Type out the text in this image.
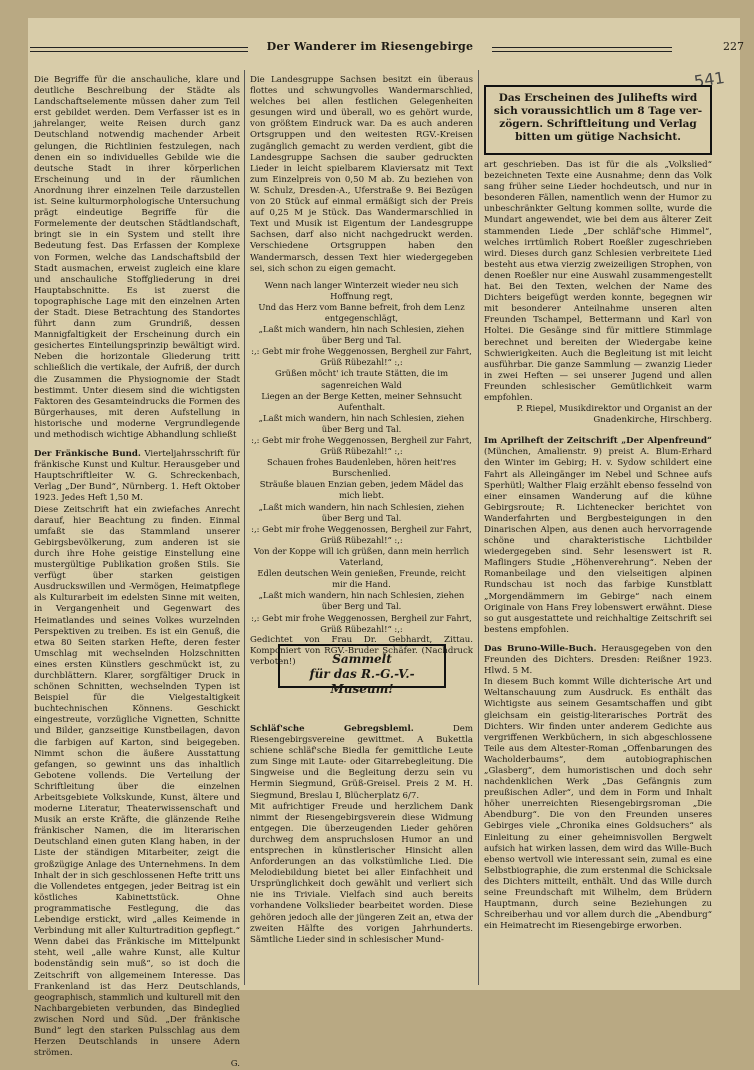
Der Wanderer im Riesengebirge	227
541

Die Begriffe für die anschauliche, klare und deutliche Beschreibung der Städte als Landschaftselemente müssen daher zum Teil erst gebildet werden. Dem Verfasser ist es in jahrelanger, weite Reisen durch ganz Deutschland notwendig machender Arbeit gelungen, die Richtlinien festzulegen, nach denen ein so individuelles Gebilde wie die deutsche Stadt in ihrer körperlichen Erscheinung und in der räumlichen Anordnung ihrer einzelnen Teile darzustellen ist. Seine kulturmorphologische Untersuchung prägt eindeutige Begriffe für die Formelemente der deutschen Städtlandschaft, bringt sie in ein System und stellt ihre Bedeutung fest. Das Erfassen der Komplexe von Formen, welche das Landschaftsbild der Stadt ausmachen, erweist zugleich eine klare und anschauliche Stoffgliederung in drei Hauptabschnitte. Es ist zuerst die topographische Lage mit den einzelnen Arten der Stadt. Diese Betrachtung des Standortes führt dann zum Grundriß, dessen Mannigfaltigkeit der Erscheinung durch ein gesichertes Einteilungsprinzip bewältigt wird. Neben die horizontale Gliederung tritt schließlich die vertikale, der Aufriß, der durch die Zusammen die Physiognomie der Stadt bestimmt. Unter diesem sind die wichtigsten Faktoren des Gesamteindrucks die Formen des Bürgerhauses, mit deren Aufstellung in historische und moderne Vergrundlegende und methodisch wichtige Abhandlung schließt

Der Fränkische Bund. Vierteljahrsschrift für fränkische Kunst und Kultur. Herausgeber und Hauptschriftleiter W. G. Schreckenbach, Verlag „Der Bund“, Nürnberg. 1. Heft Oktober 1923. Jedes Heft 1,50 M.

Diese Zeitschrift hat ein zwiefaches Anrecht darauf, hier Beachtung zu finden. Einmal umfaßt sie das Stammland unserer Gebirgsbevölkerung, zum anderen ist sie durch ihre Hohe geistige Einstellung eine mustergültige Publikation großen Stils. Sie verfügt über starken geistigen Ausdruckswillen und -Vermögen, Heimatpflege als Kulturarbeit im edelsten Sinne mit weiten, in Vergangenheit und Gegenwart des Heimatlandes und seines Volkes wurzelnden Perspektiven zu treiben. Es ist ein Genuß, die etwa 80 Seiten starken Hefte, deren fester Umschlag mit wechselnden Holzschnitten eines ersten Künstlers geschmückt ist, zu durchblättern. Klarer, sorgfältiger Druck in schönen Schnitten, wechselnden Typen ist Beispiel für die Vielgestaltigkeit buchtechnischen Könnens. Geschickt eingestreute, vorzügliche Vignetten, Schnitte und Bilder, ganzseitige Kunstbeilagen, davon die farbigen auf Karton, sind beigegeben. Nimmt schon die äußere Ausstattung gefangen, so gewinnt uns das inhaltlich Gebotene vollends. Die Verteilung der Schriftleitung über die einzelnen Arbeitsgebiete Volkskunde, Kunst, ältere und moderne Literatur, Theaterwissenschaft und Musik an erste Kräfte, die glänzende Reihe fränkischer Namen, die im literarischen Deutschland einen guten Klang haben, in der Liste der ständigen Mitarbeiter, zeigt die großzügige Anlage des Unternehmens. In dem Inhalt der in sich geschlossenen Hefte tritt uns die Vollendetes entgegen, jeder Beitrag ist ein köstliches Kabinettstück. Ohne programmatische Festlegung, die das Lebendige erstickt, wird „alles Keimende in Verbindung mit aller Kulturtradition gepflegt.“ Wenn dabei das Fränkische im Mittelpunkt steht, weil „alle wahre Kunst, alle Kultur bodenständig sein muß“, so ist doch die Zeitschrift von allgemeinem Interesse. Das Frankenland ist das Herz Deutschlands, geographisch, stammlich und kulturell mit den Nachbargebieten verbunden, das Bindeglied zwischen Nord und Süd. „Der fränkische Bund“ legt den starken Pulsschlag aus dem Herzen Deutschlands in unsere Adern strömen.

G.

Die Landesgruppe Sachsen besitzt ein überaus flottes und schwungvolles Wandermarschlied, welches bei allen festlichen Gelegenheiten gesungen wird und überall, wo es gehört wurde, von größtem Eindruck war. Da es auch anderen Ortsgruppen und den weitesten RGV.-Kreisen zugänglich gemacht zu werden verdient, gibt die Landesgruppe Sachsen die sauber gedruckten Lieder in leicht spielbarem Klaviersatz mit Text zum Einzelpreis von 0,50 M ab. Zu beziehen von W. Schulz, Dresden-A., Uferstraße 9. Bei Bezügen von 20 Stück auf einmal ermäßigt sich der Preis auf 0,25 M je Stück. Das Wandermarschlied in Text und Musik ist Eigentum der Landesgruppe Sachsen, darf also nicht nachgedruckt werden. Verschiedene Ortsgruppen haben den Wandermarsch, dessen Text hier wiedergegeben sei, sich schon zu eigen gemacht.

Wenn nach langer Winterzeit wieder neu sich Hoffnung regt,

Und das Herz vom Banne befreit, froh dem Lenz entgegenschlägt,

„Laßt mich wandern, hin nach Schlesien, ziehen über Berg und Tal.

:,: Gebt mir frohe Weggenossen, Bergheil zur Fahrt, Grüß Rübezahl!“ :,:

Grüßen möcht' ich traute Stätten, die im sagenreichen Wald

Liegen an der Berge Ketten, meiner Sehnsucht Aufenthalt.

„Laßt mich wandern, hin nach Schlesien, ziehen über Berg und Tal.

:,: Gebt mir frohe Weggenossen, Bergheil zur Fahrt, Grüß Rübezahl!“ :,:

Schauen frohes Baudenleben, hören heit'res Burschenlied.

Sträuße blauen Enzian geben, jedem Mädel das mich liebt.

„Laßt mich wandern, hin nach Schlesien, ziehen über Berg und Tal.

:,: Gebt mir frohe Weggenossen, Bergheil zur Fahrt, Grüß Rübezahl!“ :,:

Von der Koppe will ich grüßen, dann mein herrlich Vaterland,

Edlen deutschen Wein genießen, Freunde, reicht mir die Hand.

„Laßt mich wandern, hin nach Schlesien, ziehen über Berg und Tal.

:,: Gebt mir frohe Weggenossen, Bergheil zur Fahrt, Grüß Rübezahl!“ :,:

Gedichtet von Frau Dr. Gebhardt, Zittau. Komponiert von RGV.-Bruder Schäfer. (Nachdruck verboten!)

Schläf'sche Gebregsbleml.	Dem Riesengebirgsvereine gewittmet. A Bukettla schiene schläf'sche Biedla fer gemittliche Leute zum Singe mit Laute- oder Gitarrebegleitung. Die Singweise und die Begleitung derzu sein vu Hermin Siegmund, Grüß-Greisel. Preis 2 M. H. Siegmund, Breslau I, Blücherplatz 6/7.

Mit aufrichtiger Freude und herzlichem Dank nimmt der Riesengebirgsverein diese Widmung entgegen. Die überzeugenden Lieder gehören durchweg dem anspruchslosen Humor an und entsprechen in künstlerischer Hinsicht allen Anforderungen an das volkstümliche Lied. Die Melodiebildung bietet bei aller Einfachheit und Ursprünglichkeit doch gewählt und verliert sich nie ins Triviale. Vielfach sind auch bereits vorhandene Volkslieder bearbeitet worden. Diese gehören jedoch alle der jüngeren Zeit an, etwa der zweiten Hälfte des vorigen Jahrhunderts. Sämtliche Lieder sind in schlesischer Mund-

Sammelt
für das R.-G.-V.-Museum!
Das Erscheinen des Julihefts wird
sich voraussichtlich um 8 Tage ver-
zögern. Schriftleitung und Verlag
bitten um gütige Nachsicht.

art geschrieben. Das ist für die als „Volkslied“ bezeichneten Texte eine Ausnahme; denn das Volk sang früher seine Lieder hochdeutsch, und nur in besonderen Fällen, namentlich wenn der Humor zu unbeschränkter Geltung kommen sollte, wurde die Mundart angewendet, wie bei dem aus älterer Zeit stammenden Liede „Der schläf'sche Himmel“, welches irrtümlich Robert Roeßler zugeschrieben wird. Dieses durch ganz Schlesien verbreitete Lied besteht aus etwa vierzig zweizeiligen Strophen, von denen Roeßler nur eine Auswahl zusammengestellt hat. Bei den Texten, welchen der Name des Dichters beigefügt werden konnte, begegnen wir mit besonderer Anteilnahme unseren alten Freunden Tschampel, Bettermann und Karl von Holtei. Die Gesänge sind für mittlere Stimmlage berechnet und bereiten der Wiedergabe keine Schwierigkeiten. Auch die Begleitung ist mit leicht ausführbar. Die ganze Sammlung — zwanzig Lieder in zwei Heften — sei unserer Jugend und allen Freunden schlesischer Gemütlichkeit warm empfohlen.

P. Riepel, Musikdirektor und Organist an der Gnadenkirche, Hirschberg.

Im Aprilheft der Zeitschrift „Der Alpenfreund“ (München, Amalienstr. 9) preist A. Blum-Erhard den Winter im Gebirg; H. v. Sydow schildert eine Fahrt als Alleingänger im Nebel und Schnee aufs Sperhütl; Walther Flaig erzählt ebenso fesselnd von einer einsamen Wanderung auf die kühne Gebirgsroute; R. Lichtenecker berichtet von Wanderfahrten und Bergbesteigungen in den Dinarischen Alpen, aus denen auch hervorragende schöne und charakteristische Lichtbilder wiedergegeben sind. Sehr lesenswert ist R. Maflingers Studie „Höhenverehrung“. Neben der Romanbeilage und den vielseitigen alpinen Rundschau ist noch das farbige Kunstblatt „Morgendämmern im Gebirge“ nach einem Originale von Hans Frey lobenswert erwähnt. Diese so gut ausgestattete und reichhaltige Zeitschrift sei bestens empfohlen.

Das Bruno-Wille-Buch. Herausgegeben von den Freunden des Dichters. Dresden: Reißner 1923. Hlwd. 5 M.

In diesem Buch kommt Wille dichterische Art und Weltanschauung zum Ausdruck. Es enthält das Wichtigste aus seinem Gesamtschaffen und gibt gleichsam ein geistig-literarisches Porträt des Dichters. Wir finden unter anderem Gedichte aus vergriffenen Werkbüchern, in sich abgeschlossene Teile aus dem Altester-Roman „Offenbarungen des Wacholderbaums“, dem autobiographischen „Glasberg“, dem humoristischen und doch sehr nachdenklichen Werk „Das Gefängnis zum preußischen Adler“, und dem in Form und Inhalt höher unerreichten Riesengebirgsroman „Die Abendburg“. Die von den Freunden unseres Gebirges viele „Chronika eines Goldsuchers“ als Einleitung zu einer geheimnisvollen Bergwelt aufsich hat wirken lassen, dem wird das Wille-Buch ebenso wertvoll wie interessant sein, zumal es eine Selbstbiographie, die zum erstenmal die Schicksale des Dichters mitteilt, enthält. Und das Wille durch seine Freundschaft mit Wilhelm, dem Brüdern Hauptmann, durch seine Beziehungen zu Schreiberhau und vor allem durch die „Abendburg“ ein Heimatrecht im Riesengebirge erworben.
